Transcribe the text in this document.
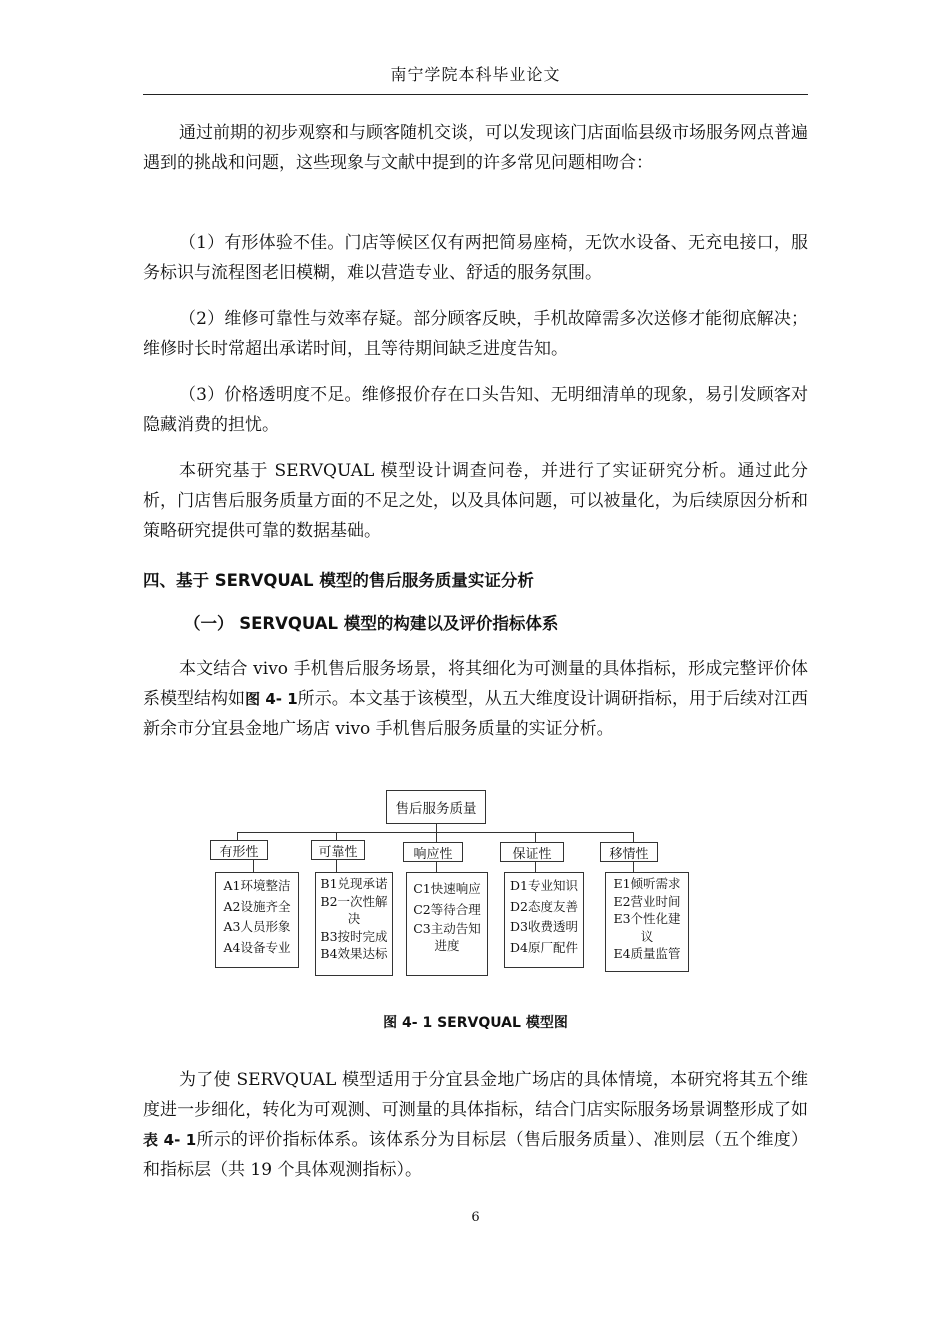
南宁学院本科毕业论文

通过前期的初步观察和与顾客随机交谈，可以发现该门店面临县级市场服务网点普遍遇到的挑战和问题，这些现象与文献中提到的许多常见问题相吻合：

（1）有形体验不佳。门店等候区仅有两把简易座椅，无饮水设备、无充电接口，服务标识与流程图老旧模糊，难以营造专业、舒适的服务氛围。

（2）维修可靠性与效率存疑。部分顾客反映，手机故障需多次送修才能彻底解决；维修时长时常超出承诺时间，且等待期间缺乏进度告知。

（3）价格透明度不足。维修报价存在口头告知、无明细清单的现象，易引发顾客对隐藏消费的担忧。

本研究基于 SERVQUAL 模型设计调查问卷，并进行了实证研究分析。通过此分析，门店售后服务质量方面的不足之处，以及具体问题，可以被量化，为后续原因分析和策略研究提供可靠的数据基础。

四、基于 SERVQUAL 模型的售后服务质量实证分析

（一） SERVQUAL 模型的构建以及评价指标体系

本文结合 vivo 手机售后服务场景，将其细化为可测量的具体指标，形成完整评价体系模型结构如图 4- 1所示。本文基于该模型，从五大维度设计调研指标，用于后续对江西新余市分宜县金地广场店 vivo 手机售后服务质量的实证分析。

售后服务质量
有形性
A1环境整洁
A2设施齐全
A3人员形象
A4设备专业
可靠性
B1兑现承诺
B2一次性解决
B3按时完成
B4效果达标
响应性
C1快速响应
C2等待合理
C3主动告知进度
保证性
D1专业知识
D2态度友善
D3收费透明
D4原厂配件
移情性
E1倾听需求
E2营业时间
E3个性化建议
E4质量监管
图 4- 1 SERVQUAL 模型图

为了使 SERVQUAL 模型适用于分宜县金地广场店的具体情境，本研究将其五个维度进一步细化，转化为可观测、可测量的具体指标，结合门店实际服务场景调整形成了如表 4- 1所示的评价指标体系。该体系分为目标层（售后服务质量）、准则层（五个维度）和指标层（共 19 个具体观测指标）。

6
